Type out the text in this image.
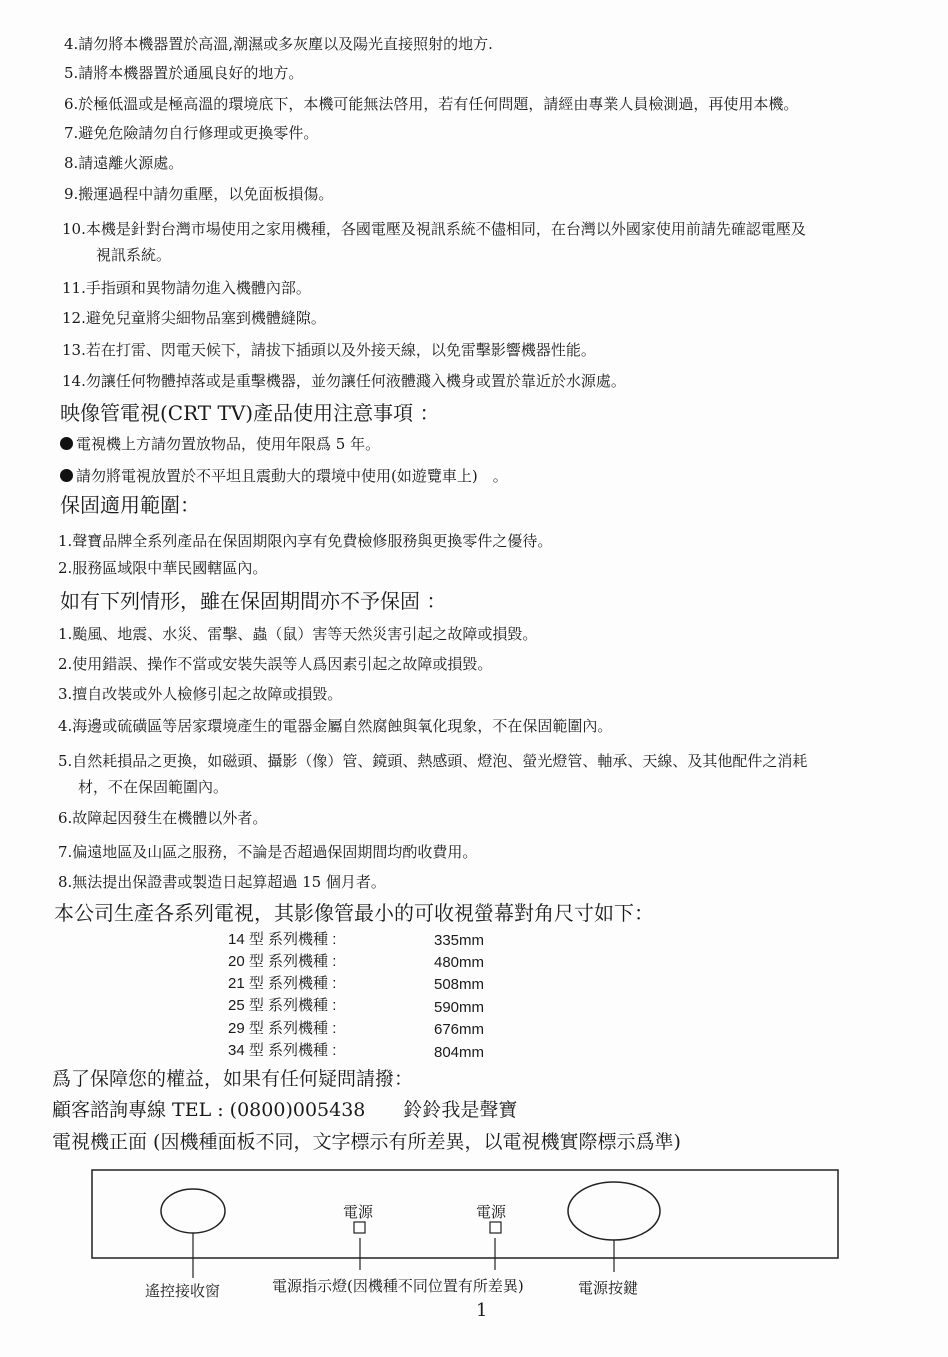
4.請勿將本機器置於高溫,潮濕或多灰塵以及陽光直接照射的地方.
5.請將本機器置於通風良好的地方。
6.於極低溫或是極高溫的環境底下，本機可能無法啓用，若有任何問題，請經由專業人員檢測過，再使用本機。
7.避免危險請勿自行修理或更換零件。
8.請遠離火源處。
9.搬運過程中請勿重壓，以免面板損傷。
10.本機是針對台灣市場使用之家用機種，各國電壓及視訊系統不儘相同，在台灣以外國家使用前請先確認電壓及
視訊系統。
11.手指頭和異物請勿進入機體內部。
12.避免兒童將尖細物品塞到機體縫隙。
13.若在打雷、閃電天候下，請拔下插頭以及外接天線，以免雷擊影響機器性能。
14.勿讓任何物體掉落或是重擊機器，並勿讓任何液體濺入機身或置於靠近於水源處。
映像管電視(CRT TV)產品使用注意事項 ：
電視機上方請勿置放物品，使用年限爲 5 年。
請勿將電視放置於不平坦且震動大的環境中使用(如遊覽車上)　。
保固適用範圍：
1.聲寶品牌全系列產品在保固期限內享有免費檢修服務與更換零件之優待。
2.服務區域限中華民國轄區內。
如有下列情形，雖在保固期間亦不予保固 ：
1.颱風、地震、水災、雷擊、蟲（鼠）害等天然災害引起之故障或損毀。
2.使用錯誤、操作不當或安裝失誤等人爲因素引起之故障或損毀。
3.擅自改裝或外人檢修引起之故障或損毀。
4.海邊或硫磺區等居家環境產生的電器金屬自然腐蝕與氧化現象，不在保固範圍內。
5.自然耗損品之更換，如磁頭、攝影（像）管、鏡頭、熱感頭、燈泡、螢光燈管、軸承、天線、及其他配件之消耗
材，不在保固範圍內。
6.故障起因發生在機體以外者。
7.偏遠地區及山區之服務，不論是否超過保固期間均酌收費用。
8.無法提出保證書或製造日起算超過 15 個月者。
本公司生產各系列電視，其影像管最小的可收視螢幕對角尺寸如下：
14 型 系列機種 :	335mm
20 型 系列機種 :	480mm
21 型 系列機種 :	508mm
25 型 系列機種 :	590mm
29 型 系列機種 :	676mm
34 型 系列機種 :	804mm
爲了保障您的權益，如果有任何疑問請撥：
顧客諮詢專線 TEL : (0800)005438　　鈴鈴我是聲寶
電視機正面 (因機種面板不同，文字標示有所差異，以電視機實際標示爲準)
電源	電源
遙控接收窗	電源指示燈(因機種不同位置有所差異)	電源按鍵
1
